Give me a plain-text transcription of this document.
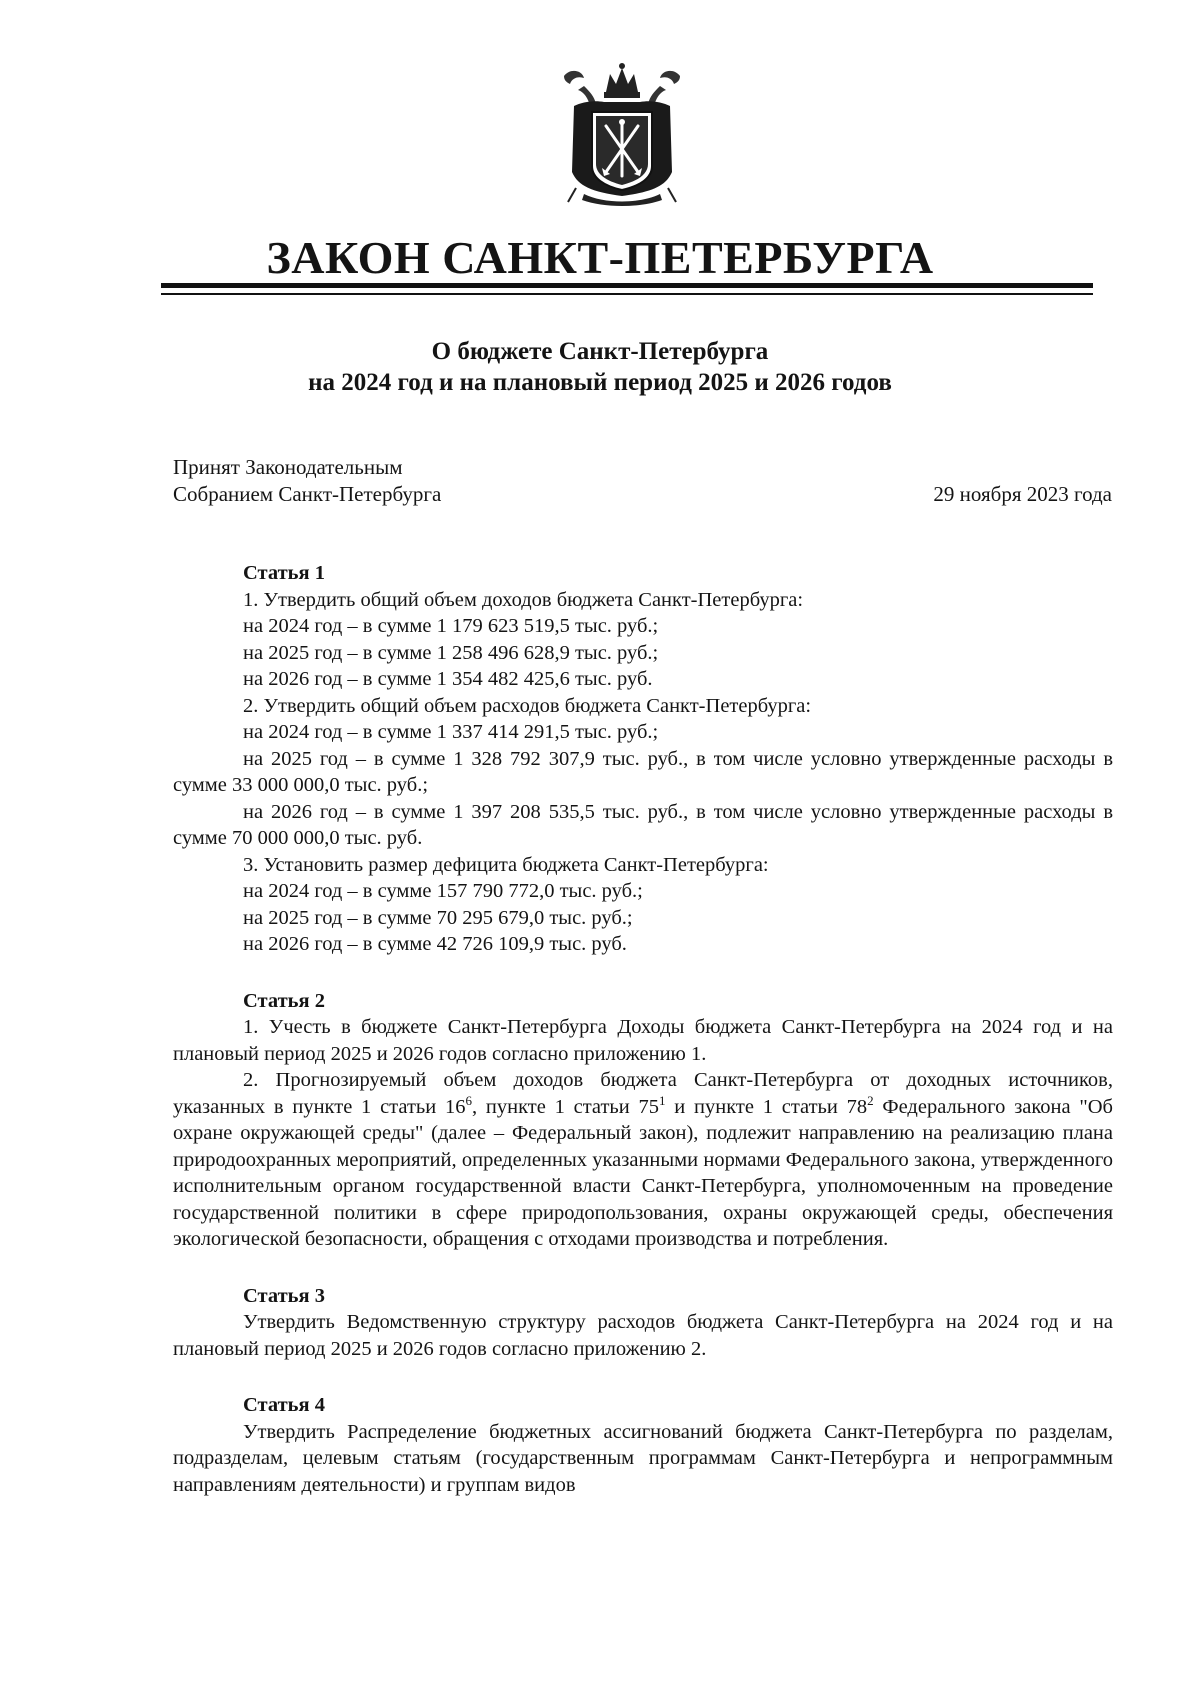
ЗАКОН САНКТ-ПЕТЕРБУРГА
О бюджете Санкт-Петербурга
на 2024 год и на плановый период 2025 и 2026 годов
Принят Законодательным
Собранием Санкт-Петербурга	29 ноября 2023 года
Статья 1
1. Утвердить общий объем доходов бюджета Санкт-Петербурга:
на 2024 год – в сумме 1 179 623 519,5 тыс. руб.;
на 2025 год – в сумме 1 258 496 628,9 тыс. руб.;
на 2026 год – в сумме 1 354 482 425,6 тыс. руб.
2. Утвердить общий объем расходов бюджета Санкт-Петербурга:
на 2024 год – в сумме 1 337 414 291,5 тыс. руб.;

на 2025 год – в сумме 1 328 792 307,9 тыс. руб., в том числе условно утвержденные расходы в сумме 33 000 000,0 тыс. руб.;

на 2026 год – в сумме 1 397 208 535,5 тыс. руб., в том числе условно утвержденные расходы в сумме 70 000 000,0 тыс. руб.

3. Установить размер дефицита бюджета Санкт-Петербурга:
на 2024 год – в сумме 157 790 772,0 тыс. руб.;
на 2025 год – в сумме 70 295 679,0 тыс. руб.;
на 2026 год – в сумме 42 726 109,9 тыс. руб.
Статья 2

1. Учесть в бюджете Санкт-Петербурга Доходы бюджета Санкт-Петербурга на 2024 год и на плановый период 2025 и 2026 годов согласно приложению 1.

2. Прогнозируемый объем доходов бюджета Санкт-Петербурга от доходных источников, указанных в пункте 1 статьи $16^6$, пункте 1 статьи $75^1$ и пункте 1 статьи $78^2$ Федерального закона "Об охране окружающей среды" (далее – Федеральный закон), подлежит направлению на реализацию плана природоохранных мероприятий, определенных указанными нормами Федерального закона, утвержденного исполнительным органом государственной власти Санкт-Петербурга, уполномоченным на проведение государственной политики в сфере природопользования, охраны окружающей среды, обеспечения экологической безопасности, обращения с отходами производства и потребления.

Статья 3

Утвердить Ведомственную структуру расходов бюджета Санкт-Петербурга на 2024 год и на плановый период 2025 и 2026 годов согласно приложению 2.

Статья 4

Утвердить Распределение бюджетных ассигнований бюджета Санкт-Петербурга по разделам, подразделам, целевым статьям (государственным программам Санкт-Петербурга и непрограммным направлениям деятельности) и группам видов
